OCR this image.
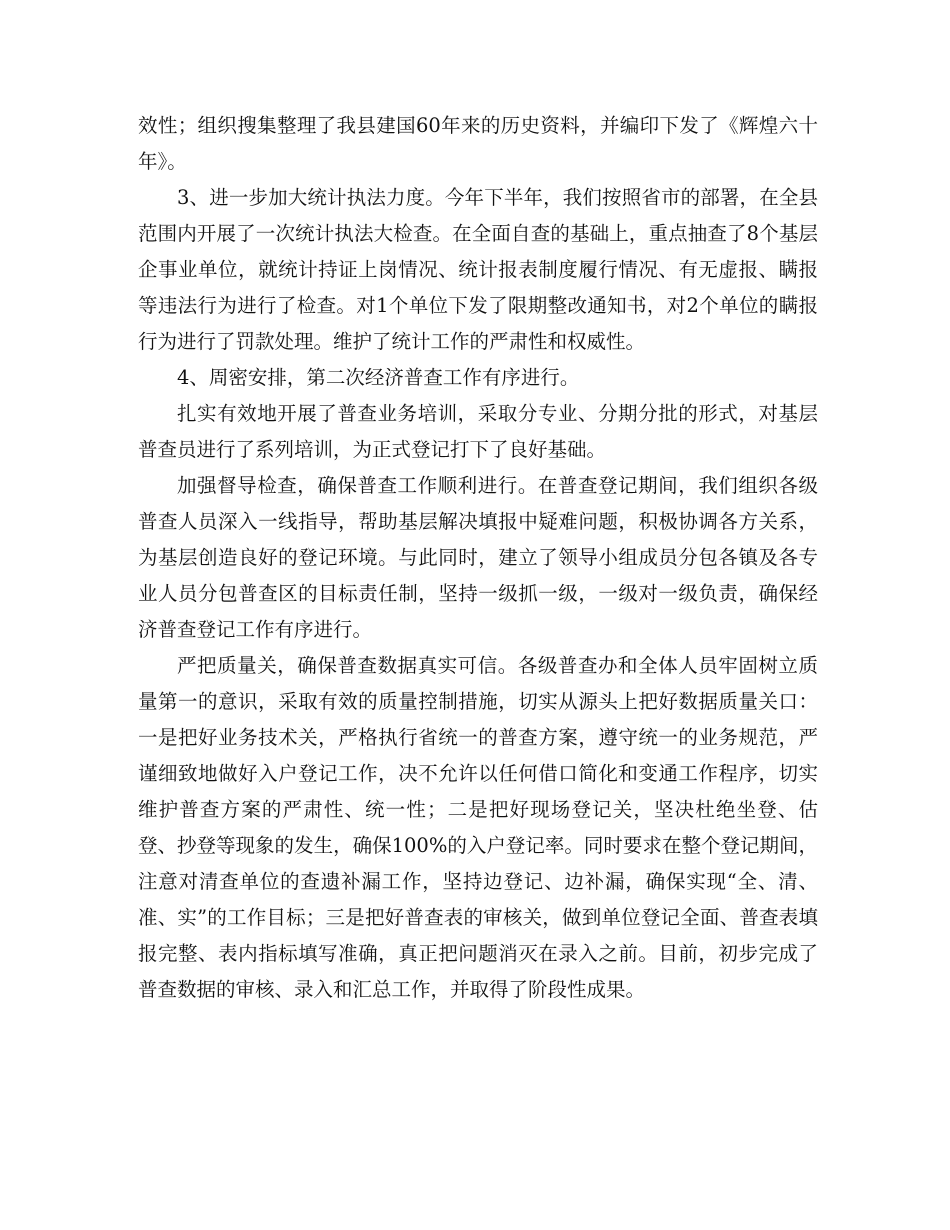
效性；组织搜集整理了我县建国60年来的历史资料，并编印下发了《辉煌六十年》。

3、进一步加大统计执法力度。今年下半年，我们按照省市的部署，在全县范围内开展了一次统计执法大检查。在全面自查的基础上，重点抽查了8个基层企事业单位，就统计持证上岗情况、统计报表制度履行情况、有无虚报、瞒报等违法行为进行了检查。对1个单位下发了限期整改通知书，对2个单位的瞒报行为进行了罚款处理。维护了统计工作的严肃性和权威性。

4、周密安排，第二次经济普查工作有序进行。

扎实有效地开展了普查业务培训，采取分专业、分期分批的形式，对基层普查员进行了系列培训，为正式登记打下了良好基础。

加强督导检查，确保普查工作顺利进行。在普查登记期间，我们组织各级普查人员深入一线指导，帮助基层解决填报中疑难问题，积极协调各方关系，为基层创造良好的登记环境。与此同时，建立了领导小组成员分包各镇及各专业人员分包普查区的目标责任制，坚持一级抓一级，一级对一级负责，确保经济普查登记工作有序进行。

严把质量关，确保普查数据真实可信。各级普查办和全体人员牢固树立质量第一的意识，采取有效的质量控制措施，切实从源头上把好数据质量关口：一是把好业务技术关，严格执行省统一的普查方案，遵守统一的业务规范，严谨细致地做好入户登记工作，决不允许以任何借口简化和变通工作程序，切实维护普查方案的严肃性、统一性；二是把好现场登记关，坚决杜绝坐登、估登、抄登等现象的发生，确保100%的入户登记率。同时要求在整个登记期间，注意对清查单位的查遗补漏工作，坚持边登记、边补漏，确保实现“全、清、准、实”的工作目标；三是把好普查表的审核关，做到单位登记全面、普查表填报完整、表内指标填写准确，真正把问题消灭在录入之前。目前，初步完成了普查数据的审核、录入和汇总工作，并取得了阶段性成果。
